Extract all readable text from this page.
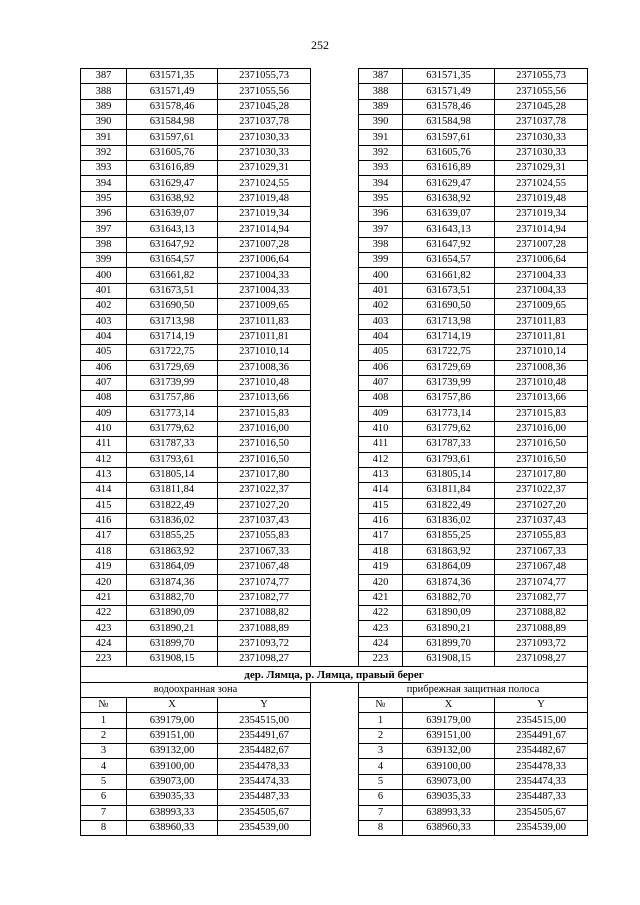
252
387	631571,35	2371055,73		387	631571,35	2371055,73
388	631571,49	2371055,56		388	631571,49	2371055,56
389	631578,46	2371045,28		389	631578,46	2371045,28
390	631584,98	2371037,78		390	631584,98	2371037,78
391	631597,61	2371030,33		391	631597,61	2371030,33
392	631605,76	2371030,33		392	631605,76	2371030,33
393	631616,89	2371029,31		393	631616,89	2371029,31
394	631629,47	2371024,55		394	631629,47	2371024,55
395	631638,92	2371019,48		395	631638,92	2371019,48
396	631639,07	2371019,34		396	631639,07	2371019,34
397	631643,13	2371014,94		397	631643,13	2371014,94
398	631647,92	2371007,28		398	631647,92	2371007,28
399	631654,57	2371006,64		399	631654,57	2371006,64
400	631661,82	2371004,33		400	631661,82	2371004,33
401	631673,51	2371004,33		401	631673,51	2371004,33
402	631690,50	2371009,65		402	631690,50	2371009,65
403	631713,98	2371011,83		403	631713,98	2371011,83
404	631714,19	2371011,81		404	631714,19	2371011,81
405	631722,75	2371010,14		405	631722,75	2371010,14
406	631729,69	2371008,36		406	631729,69	2371008,36
407	631739,99	2371010,48		407	631739,99	2371010,48
408	631757,86	2371013,66		408	631757,86	2371013,66
409	631773,14	2371015,83		409	631773,14	2371015,83
410	631779,62	2371016,00		410	631779,62	2371016,00
411	631787,33	2371016,50		411	631787,33	2371016,50
412	631793,61	2371016,50		412	631793,61	2371016,50
413	631805,14	2371017,80		413	631805,14	2371017,80
414	631811,84	2371022,37		414	631811,84	2371022,37
415	631822,49	2371027,20		415	631822,49	2371027,20
416	631836,02	2371037,43		416	631836,02	2371037,43
417	631855,25	2371055,83		417	631855,25	2371055,83
418	631863,92	2371067,33		418	631863,92	2371067,33
419	631864,09	2371067,48		419	631864,09	2371067,48
420	631874,36	2371074,77		420	631874,36	2371074,77
421	631882,70	2371082,77		421	631882,70	2371082,77
422	631890,09	2371088,82		422	631890,09	2371088,82
423	631890,21	2371088,89		423	631890,21	2371088,89
424	631899,70	2371093,72		424	631899,70	2371093,72
223	631908,15	2371098,27		223	631908,15	2371098,27
дер. Лямца, р. Лямца, правый берег						
водоохранная зона				прибрежная защитная полоса		
№	X	Y		№	X	Y
1	639179,00	2354515,00		1	639179,00	2354515,00
2	639151,00	2354491,67		2	639151,00	2354491,67
3	639132,00	2354482,67		3	639132,00	2354482,67
4	639100,00	2354478,33		4	639100,00	2354478,33
5	639073,00	2354474,33		5	639073,00	2354474,33
6	639035,33	2354487,33		6	639035,33	2354487,33
7	638993,33	2354505,67		7	638993,33	2354505,67
8	638960,33	2354539,00		8	638960,33	2354539,00
